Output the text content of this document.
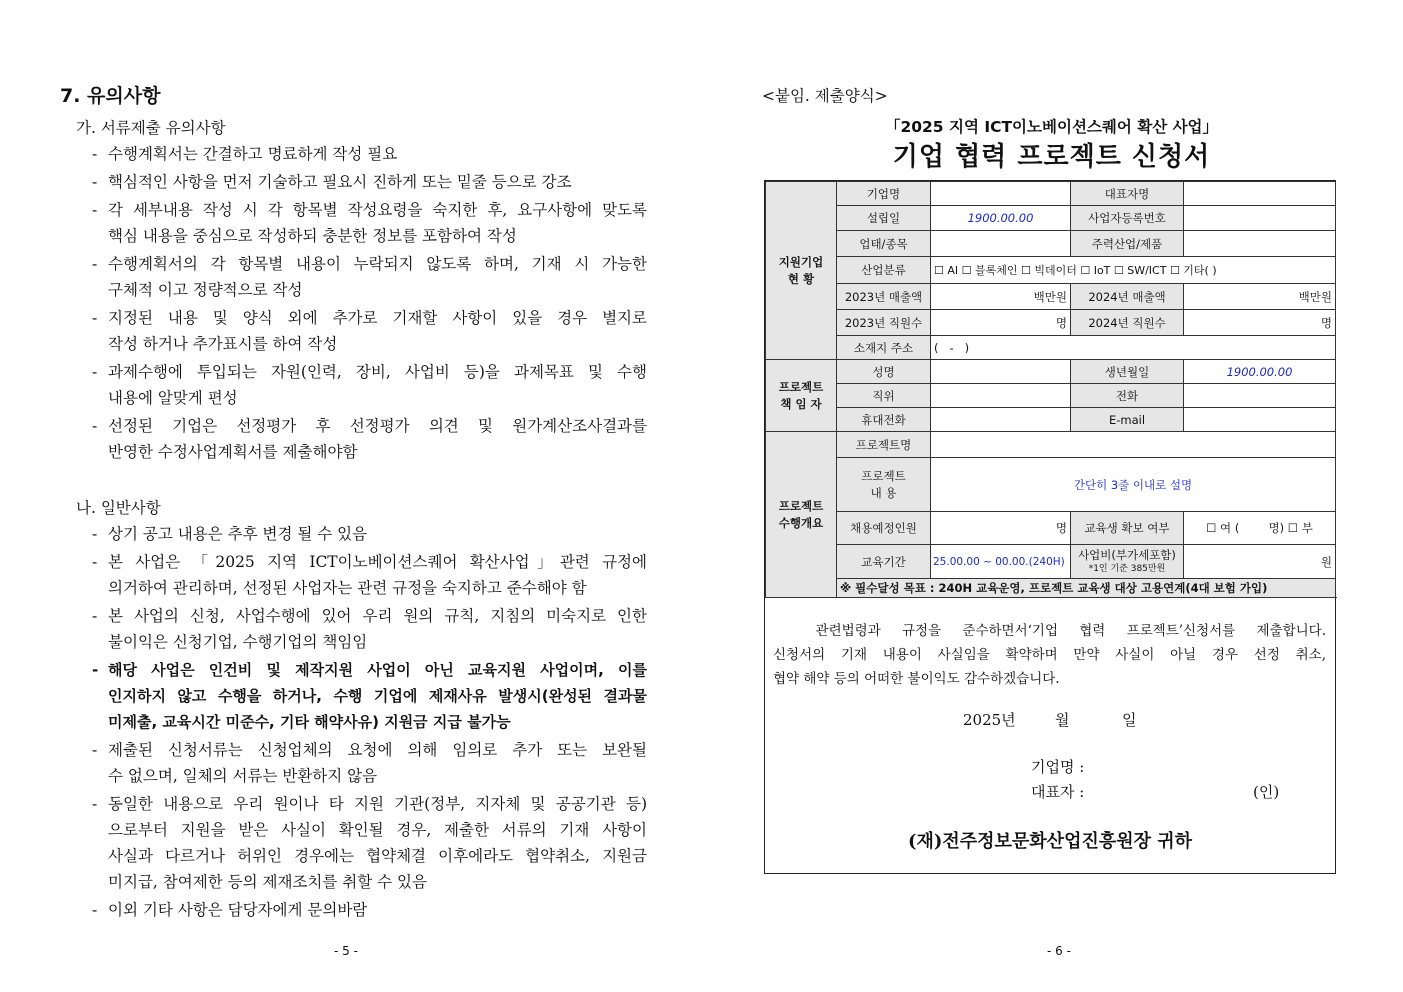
7. 유의사항
가. 서류제출 유의사항
- 수행계획서는 간결하고 명료하게 작성 필요
- 핵심적인 사항을 먼저 기술하고 필요시 진하게 또는 밑줄 등으로 강조
- 각 세부내용 작성 시 각 항목별 작성요령을 숙지한 후, 요구사항에 맞도록
핵심 내용을 중심으로 작성하되 충분한 정보를 포함하여 작성
- 수행계획서의 각 항목별 내용이 누락되지 않도록 하며, 기재 시 가능한
구체적 이고 정량적으로 작성
- 지정된 내용 및 양식 외에 추가로 기재할 사항이 있을 경우 별지로
작성 하거나 추가표시를 하여 작성
- 과제수행에 투입되는 자원(인력, 장비, 사업비 등)을 과제목표 및 수행
내용에 알맞게 편성
- 선정된 기업은 선정평가 후 선정평가 의견 및 원가계산조사결과를
반영한 수정사업계획서를 제출해야함
나. 일반사항
- 상기 공고 내용은 추후 변경 될 수 있음
- 본 사업은 「2025 지역 ICT이노베이션스퀘어 확산사업」관련 규정에
의거하여 관리하며, 선정된 사업자는 관련 규정을 숙지하고 준수해야 함
- 본 사업의 신청, 사업수행에 있어 우리 원의 규칙, 지침의 미숙지로 인한
불이익은 신청기업, 수행기업의 책임임
- 해당 사업은 인건비 및 제작지원 사업이 아닌 교육지원 사업이며, 이를
인지하지 않고 수행을 하거나, 수행 기업에 제재사유 발생시(완성된 결과물
미제출, 교육시간 미준수, 기타 해약사유) 지원금 지급 불가능
- 제출된 신청서류는 신청업체의 요청에 의해 임의로 추가 또는 보완될
수 없으며, 일체의 서류는 반환하지 않음
- 동일한 내용으로 우리 원이나 타 지원 기관(정부, 지자체 및 공공기관 등)
으로부터 지원을 받은 사실이 확인될 경우, 제출한 서류의 기재 사항이
사실과 다르거나 허위인 경우에는 협약체결 이후에라도 협약취소, 지원금
미지급, 참여제한 등의 제재조치를 취할 수 있음
- 이외 기타 사항은 담당자에게 문의바람
- 5 -
<붙임. 제출양식>
「2025 지역 ICT이노베이션스퀘어 확산 사업」
기업 협력 프로젝트 신청서
지원기업
현 황	기업명		대표자명	
	설립일	1900.00.00	사업자등록번호	
	업태/종목		주력산업/제품	
	산업분류	☐ AI ☐ 블록체인 ☐ 빅데이터 ☐ IoT ☐ SW/ICT ☐ 기타( )		
	2023년 매출액	백만원	2024년 매출액	백만원
	2023년 직원수	명	2024년 직원수	명
	소재지 주소	(   -   )		
프로젝트
책 임 자	성명		생년월일	1900.00.00
	직위		전화	
	휴대전화		E-mail	
프로젝트
수행개요	프로젝트명			
	프로젝트
내 용	간단히 3줄 이내로 설명		
	채용예정인원	명	교육생 확보 여부	☐ 여 (        명) ☐ 부
	교육기간	25.00.00 ~ 00.00.(240H)	사업비(부가세포함)
*1인 기준 385만원	원
	※ 필수달성 목표 : 240H 교육운영, 프로젝트 교육생 대상 고용연계(4대 보험 가입)			

관련법령과 규정을 준수하면서‘기업 협력 프로젝트’신청서를 제출합니다.

신청서의 기재 내용이 사실임을 확약하며 만약 사실이 아닐 경우 선정 취소,

협약 해약 등의 어떠한 불이익도 감수하겠습니다.

2025년	월	일
기업명 :
대표자 :	(인)
(재)전주정보문화산업진흥원장 귀하
- 6 -
